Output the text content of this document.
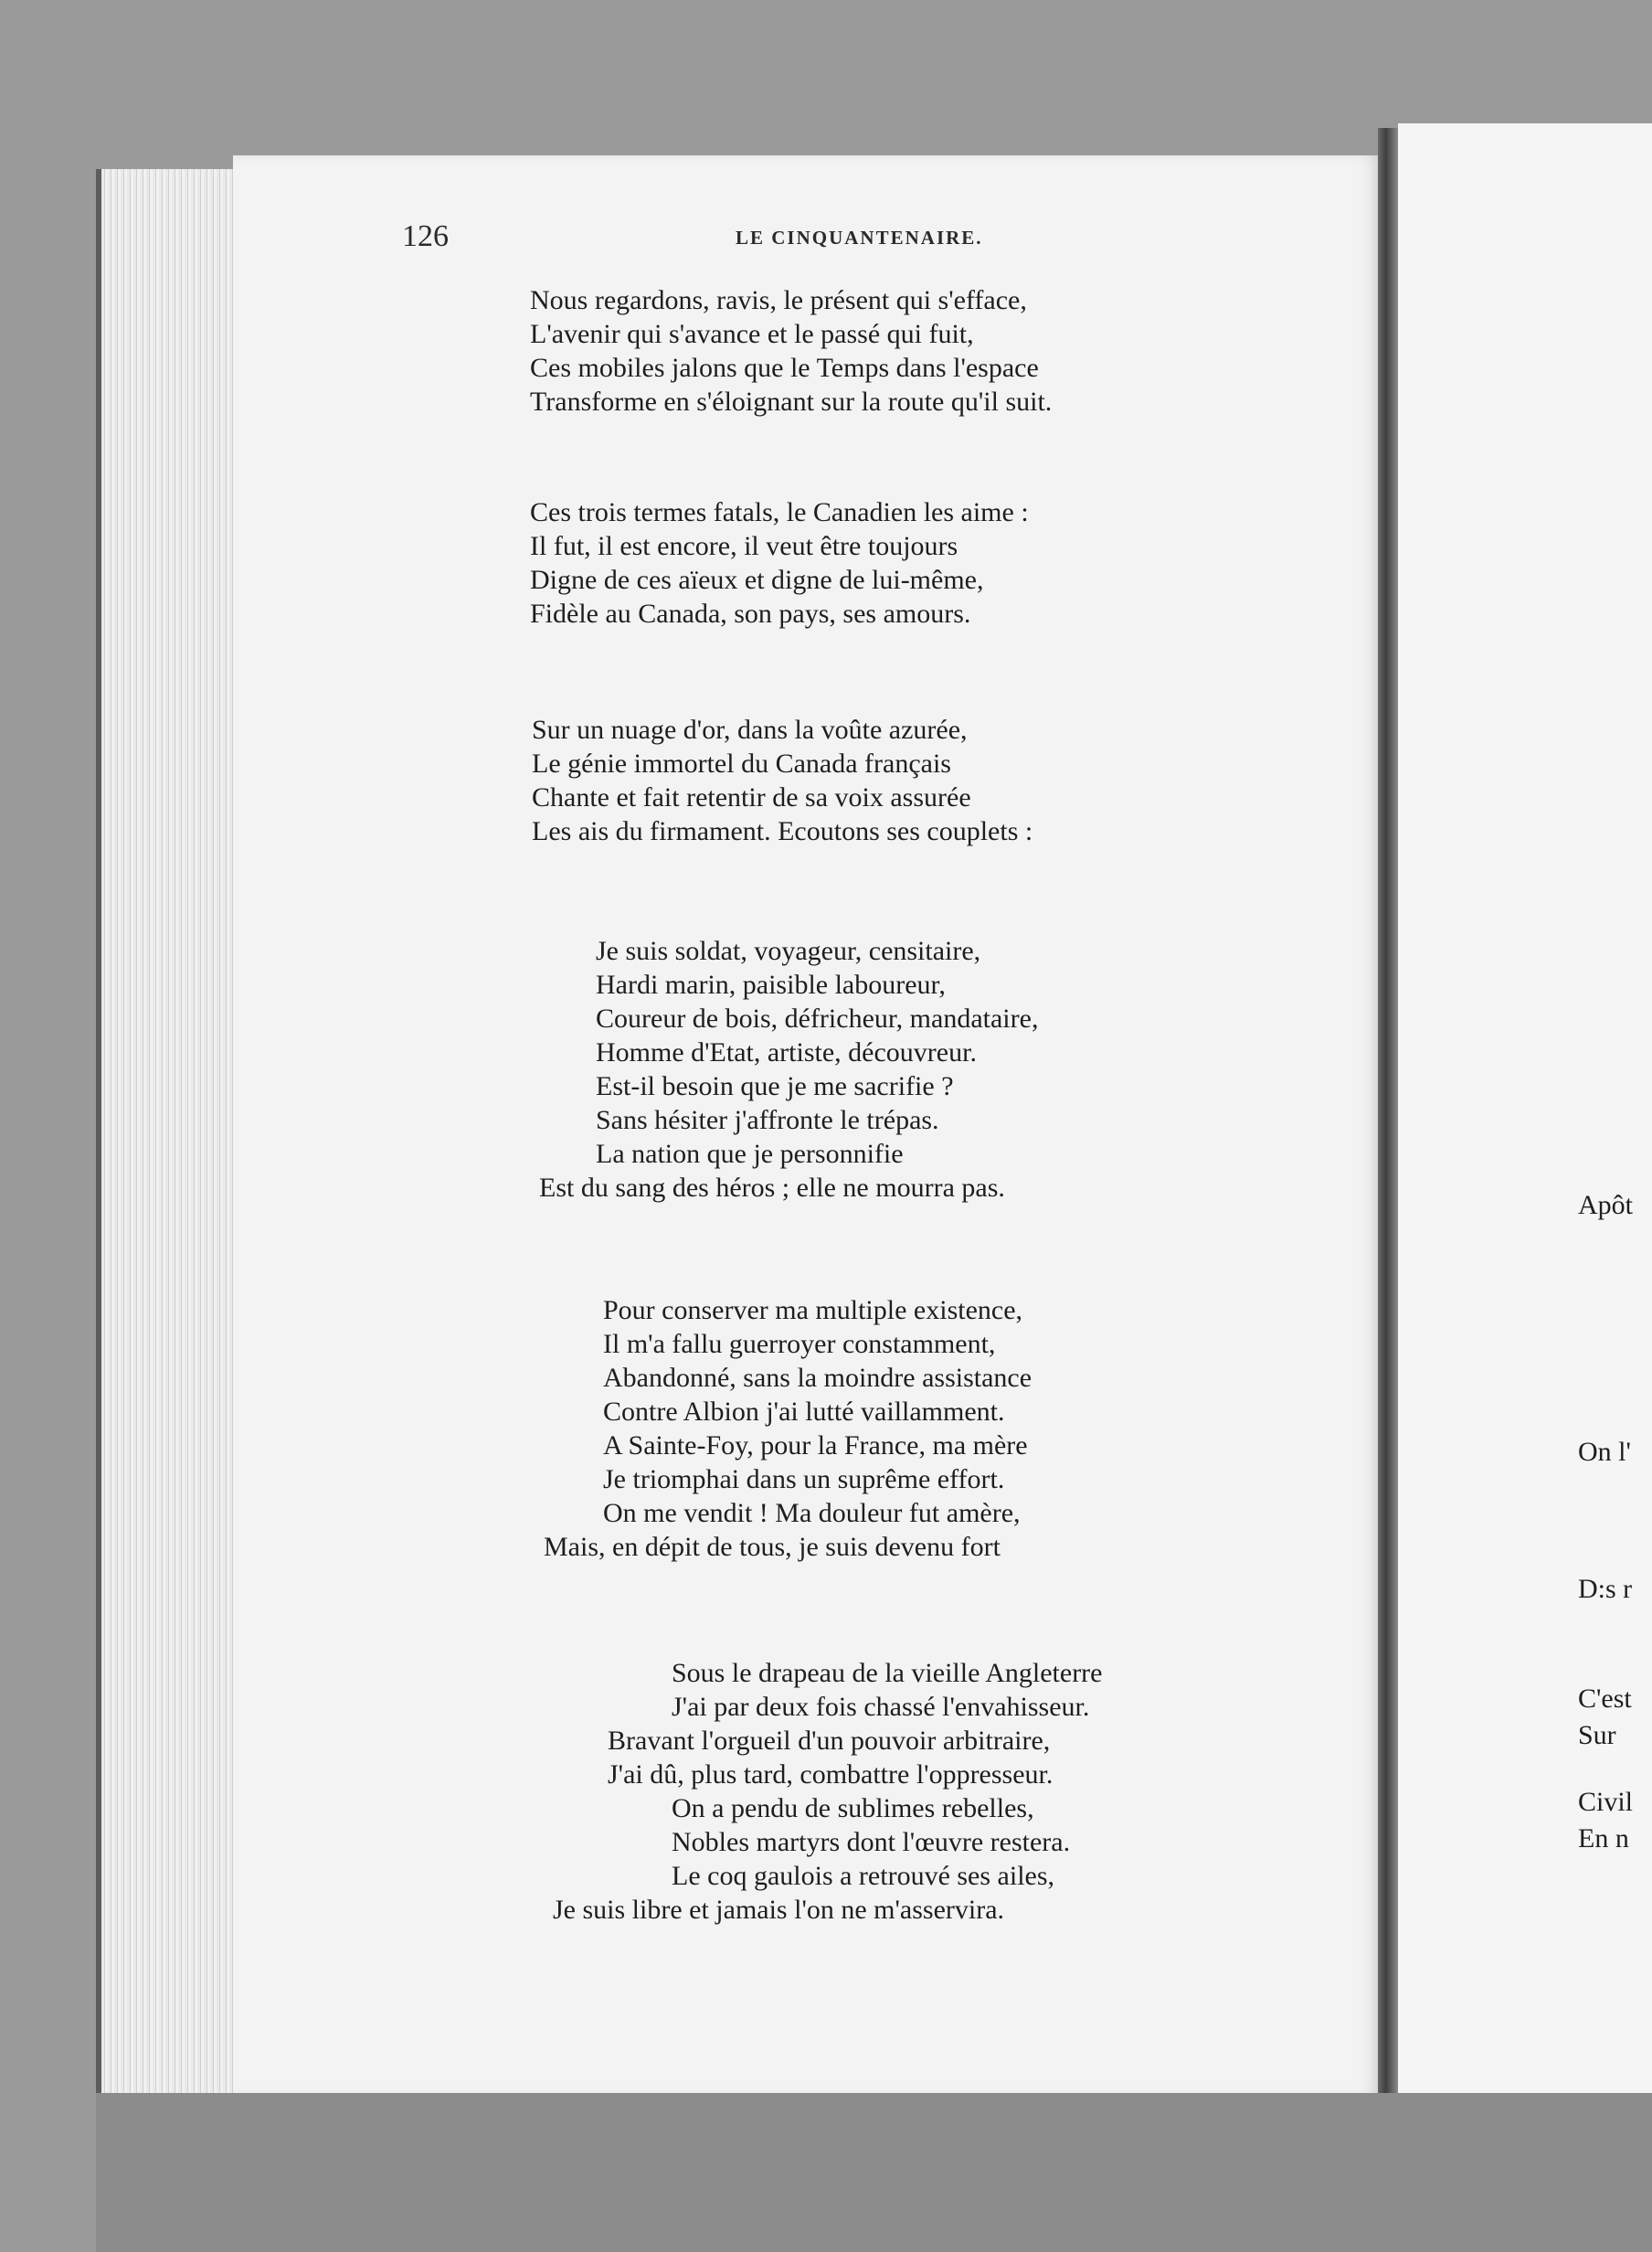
126	LE CINQUANTENAIRE.
Nous regardons, ravis, le présent qui s'efface,
L'avenir qui s'avance et le passé qui fuit,
Ces mobiles jalons que le Temps dans l'espace
Transforme en s'éloignant sur la route qu'il suit.
Ces trois termes fatals, le Canadien les aime :
Il fut, il est encore, il veut être toujours
Digne de ces aïeux et digne de lui-même,
Fidèle au Canada, son pays, ses amours.
Sur un nuage d'or, dans la voûte azurée,
Le génie immortel du Canada français
Chante et fait retentir de sa voix assurée
Les ais du firmament. Ecoutons ses couplets :
Je suis soldat, voyageur, censitaire,
Hardi marin, paisible laboureur,
Coureur de bois, défricheur, mandataire,
Homme d'Etat, artiste, découvreur.
Est-il besoin que je me sacrifie ?
Sans hésiter j'affronte le trépas.
La nation que je personnifie
Est du sang des héros ; elle ne mourra pas.
Pour conserver ma multiple existence,
Il m'a fallu guerroyer constamment,
Abandonné, sans la moindre assistance
Contre Albion j'ai lutté vaillamment.
A Sainte-Foy, pour la France, ma mère
Je triomphai dans un suprême effort.
On me vendit ! Ma douleur fut amère,
Mais, en dépit de tous, je suis devenu fort
Sous le drapeau de la vieille Angleterre
J'ai par deux fois chassé l'envahisseur.
Bravant l'orgueil d'un pouvoir arbitraire,
J'ai dû, plus tard, combattre l'oppresseur.
On a pendu de sublimes rebelles,
Nobles martyrs dont l'œuvre restera.
Le coq gaulois a retrouvé ses ailes,
Je suis libre et jamais l'on ne m'asservira.
Apôt
On l'
D:s r
C'est
Sur
Civil
En n
